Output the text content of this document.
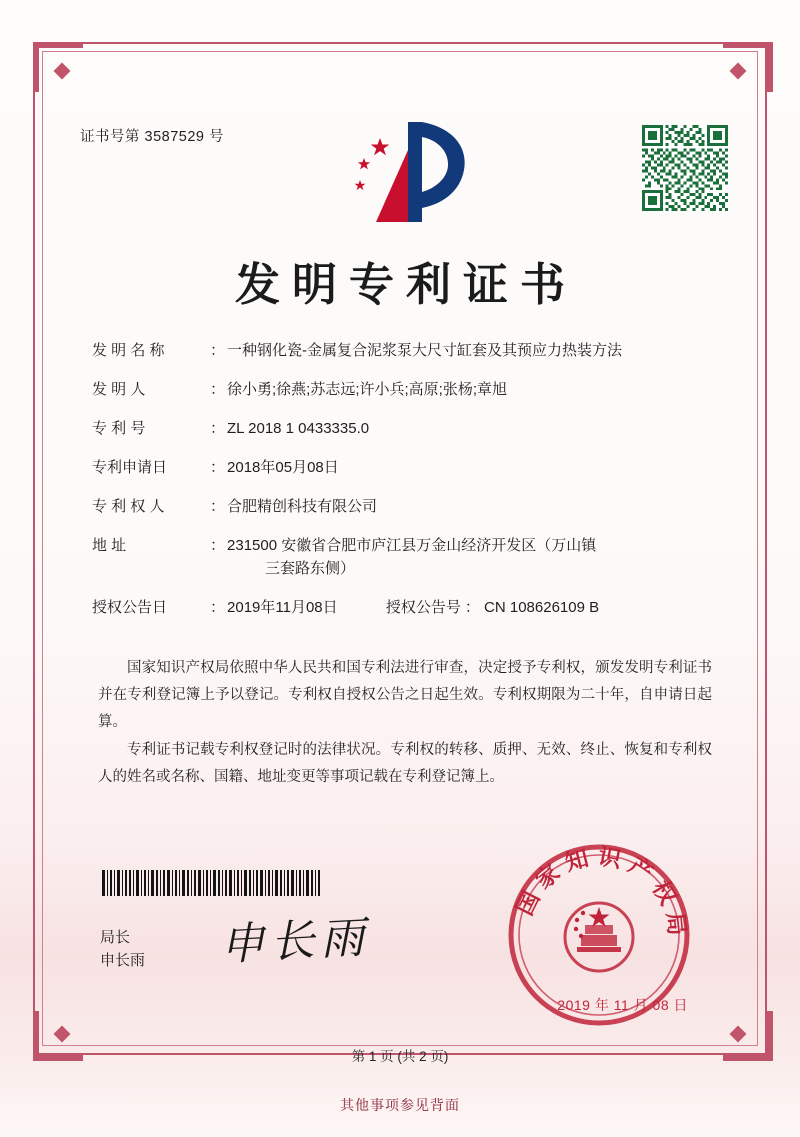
证书号第 3587529 号
发明专利证书
发 明 名 称	： 一种钢化瓷-金属复合泥浆泵大尺寸缸套及其预应力热装方法
发 明 人	： 徐小勇;徐燕;苏志远;许小兵;高原;张杨;章旭
专 利 号	： ZL 2018 1 0433335.0
专利申请日	： 2018年05月08日
专 利 权 人	： 合肥精创科技有限公司
地 址	： 231500 安徽省合肥市庐江县万金山经济开发区（万山镇
三套路东侧）
授权公告日	： 2019年11月08日	授权公告号 ： CN 108626109 B

国家知识产权局依照中华人民共和国专利法进行审查，决定授予专利权，颁发发明专利证书并在专利登记簿上予以登记。专利权自授权公告之日起生效。专利权期限为二十年，自申请日起算。

专利证书记载专利权登记时的法律状况。专利权的转移、质押、无效、终止、恢复和专利权人的姓名或名称、国籍、地址变更等事项记载在专利登记簿上。

局长
申长雨 申长雨
国家知识产权局
2019 年 11 月 08 日
第 1 页 (共 2 页)
其他事项参见背面
